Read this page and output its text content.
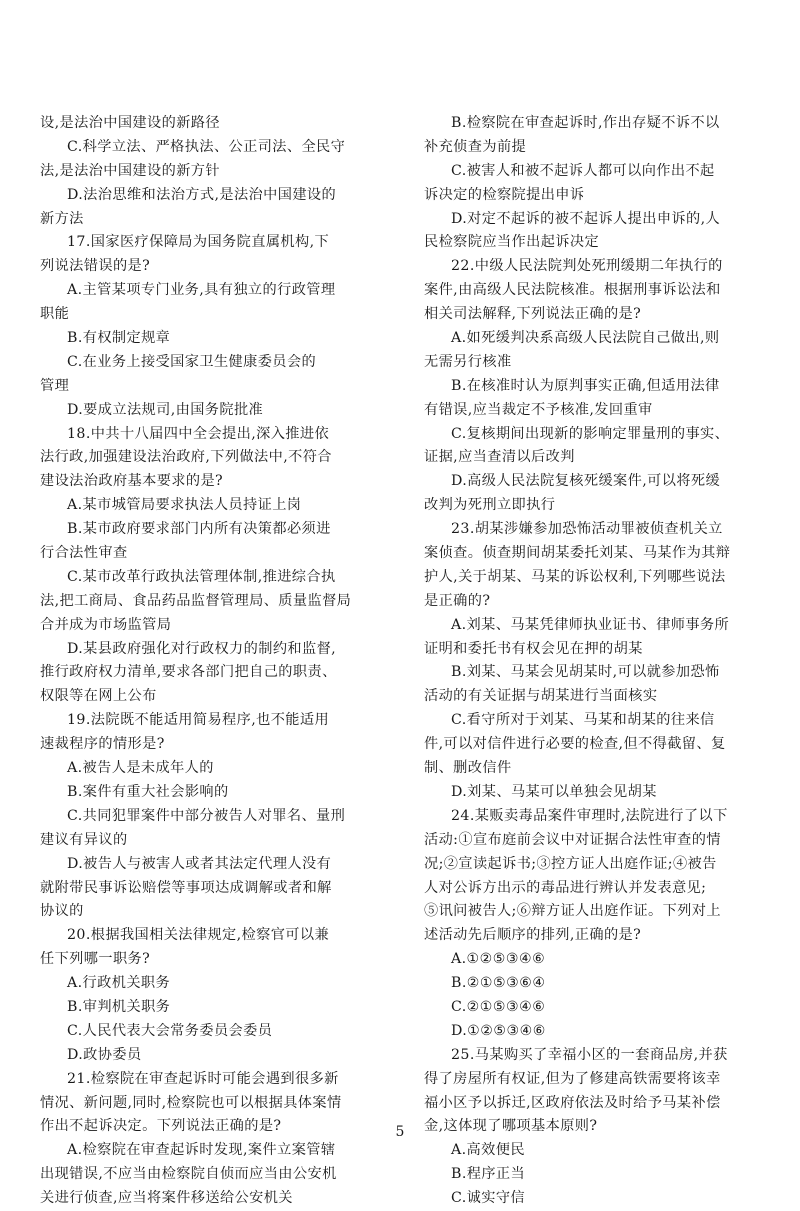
设,是法治中国建设的新路径
C.科学立法、严格执法、公正司法、全民守
法,是法治中国建设的新方针
D.法治思维和法治方式,是法治中国建设的
新方法
17.国家医疗保障局为国务院直属机构,下
列说法错误的是?
A.主管某项专门业务,具有独立的行政管理
职能
B.有权制定规章
C.在业务上接受国家卫生健康委员会的
管理
D.要成立法规司,由国务院批准
18.中共十八届四中全会提出,深入推进依
法行政,加强建设法治政府,下列做法中,不符合
建设法治政府基本要求的是?
A.某市城管局要求执法人员持证上岗
B.某市政府要求部门内所有决策都必须进
行合法性审查
C.某市改革行政执法管理体制,推进综合执
法,把工商局、食品药品监督管理局、质量监督局
合并成为市场监管局
D.某县政府强化对行政权力的制约和监督,
推行政府权力清单,要求各部门把自己的职责、
权限等在网上公布
19.法院既不能适用简易程序,也不能适用
速裁程序的情形是?
A.被告人是未成年人的
B.案件有重大社会影响的
C.共同犯罪案件中部分被告人对罪名、量刑
建议有异议的
D.被告人与被害人或者其法定代理人没有
就附带民事诉讼赔偿等事项达成调解或者和解
协议的
20.根据我国相关法律规定,检察官可以兼
任下列哪一职务?
A.行政机关职务
B.审判机关职务
C.人民代表大会常务委员会委员
D.政协委员
21.检察院在审查起诉时可能会遇到很多新
情况、新问题,同时,检察院也可以根据具体案情
作出不起诉决定。下列说法正确的是?
A.检察院在审查起诉时发现,案件立案管辖
出现错误,不应当由检察院自侦而应当由公安机
关进行侦查,应当将案件移送给公安机关
B.检察院在审查起诉时,作出存疑不诉不以
补充侦查为前提
C.被害人和被不起诉人都可以向作出不起
诉决定的检察院提出申诉
D.对定不起诉的被不起诉人提出申诉的,人
民检察院应当作出起诉决定
22.中级人民法院判处死刑缓期二年执行的
案件,由高级人民法院核准。根据刑事诉讼法和
相关司法解释,下列说法正确的是?
A.如死缓判决系高级人民法院自己做出,则
无需另行核准
B.在核准时认为原判事实正确,但适用法律
有错误,应当裁定不予核准,发回重审
C.复核期间出现新的影响定罪量刑的事实、
证据,应当查清以后改判
D.高级人民法院复核死缓案件,可以将死缓
改判为死刑立即执行
23.胡某涉嫌参加恐怖活动罪被侦查机关立
案侦查。侦查期间胡某委托刘某、马某作为其辩
护人,关于胡某、马某的诉讼权利,下列哪些说法
是正确的?
A.刘某、马某凭律师执业证书、律师事务所
证明和委托书有权会见在押的胡某
B.刘某、马某会见胡某时,可以就参加恐怖
活动的有关证据与胡某进行当面核实
C.看守所对于刘某、马某和胡某的往来信
件,可以对信件进行必要的检查,但不得截留、复
制、删改信件
D.刘某、马某可以单独会见胡某
24.某贩卖毒品案件审理时,法院进行了以下
活动:①宣布庭前会议中对证据合法性审查的情
况;②宣读起诉书;③控方证人出庭作证;④被告
人对公诉方出示的毒品进行辨认并发表意见;
⑤讯问被告人;⑥辩方证人出庭作证。下列对上
述活动先后顺序的排列,正确的是?
A.①②⑤③④⑥
B.②①⑤③⑥④
C.②①⑤③④⑥
D.①②⑤③④⑥
25.马某购买了幸福小区的一套商品房,并获
得了房屋所有权证,但为了修建高铁需要将该幸
福小区予以拆迁,区政府依法及时给予马某补偿
金,这体现了哪项基本原则?
A.高效便民
B.程序正当
C.诚实守信
5
